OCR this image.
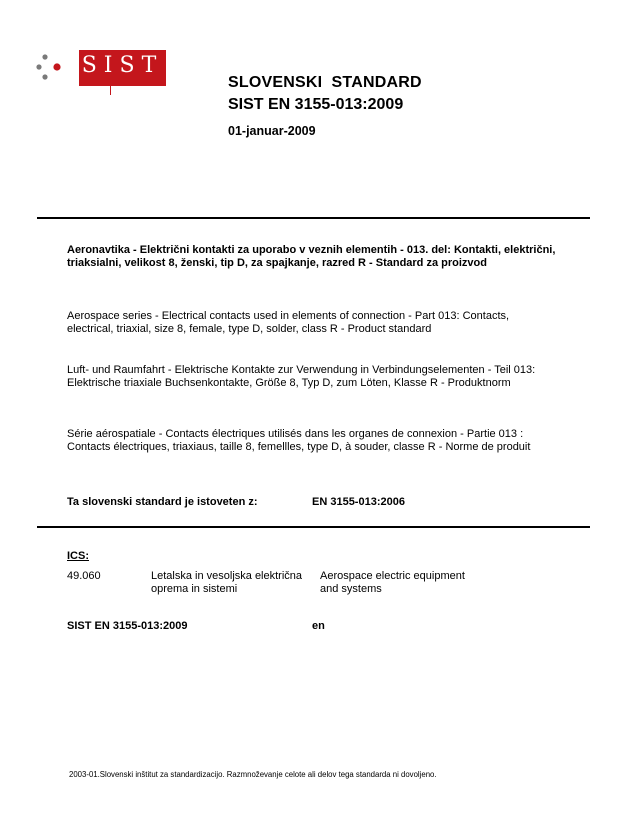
SIST
SLOVENSKI  STANDARD
SIST EN 3155-013:2009
01-januar-2009
Aeronavtika - Električni kontakti za uporabo v veznih elementih - 013. del: Kontakti, električni, triaksialni, velikost 8, ženski, tip D, za spajkanje, razred R - Standard za proizvod
Aerospace series - Electrical contacts used in elements of connection - Part 013: Contacts, electrical, triaxial, size 8, female, type D, solder, class R - Product standard
Luft- und Raumfahrt - Elektrische Kontakte zur Verwendung in Verbindungselementen - Teil 013: Elektrische triaxiale Buchsenkontakte, Größe 8, Typ D, zum Löten, Klasse R - Produktnorm
Série aérospatiale - Contacts électriques utilisés dans les organes de connexion - Partie 013 : Contacts électriques, triaxiaus, taille 8, femellles, type D, à souder, classe R - Norme de produit
Ta slovenski standard je istoveten z:	EN 3155-013:2006
ICS:
49.060	Letalska in vesoljska električna oprema in sistemi
Aerospace electric equipment and systems
SIST EN 3155-013:2009	en
2003-01.Slovenski inštitut za standardizacijo. Razmnoževanje celote ali delov tega standarda ni dovoljeno.
